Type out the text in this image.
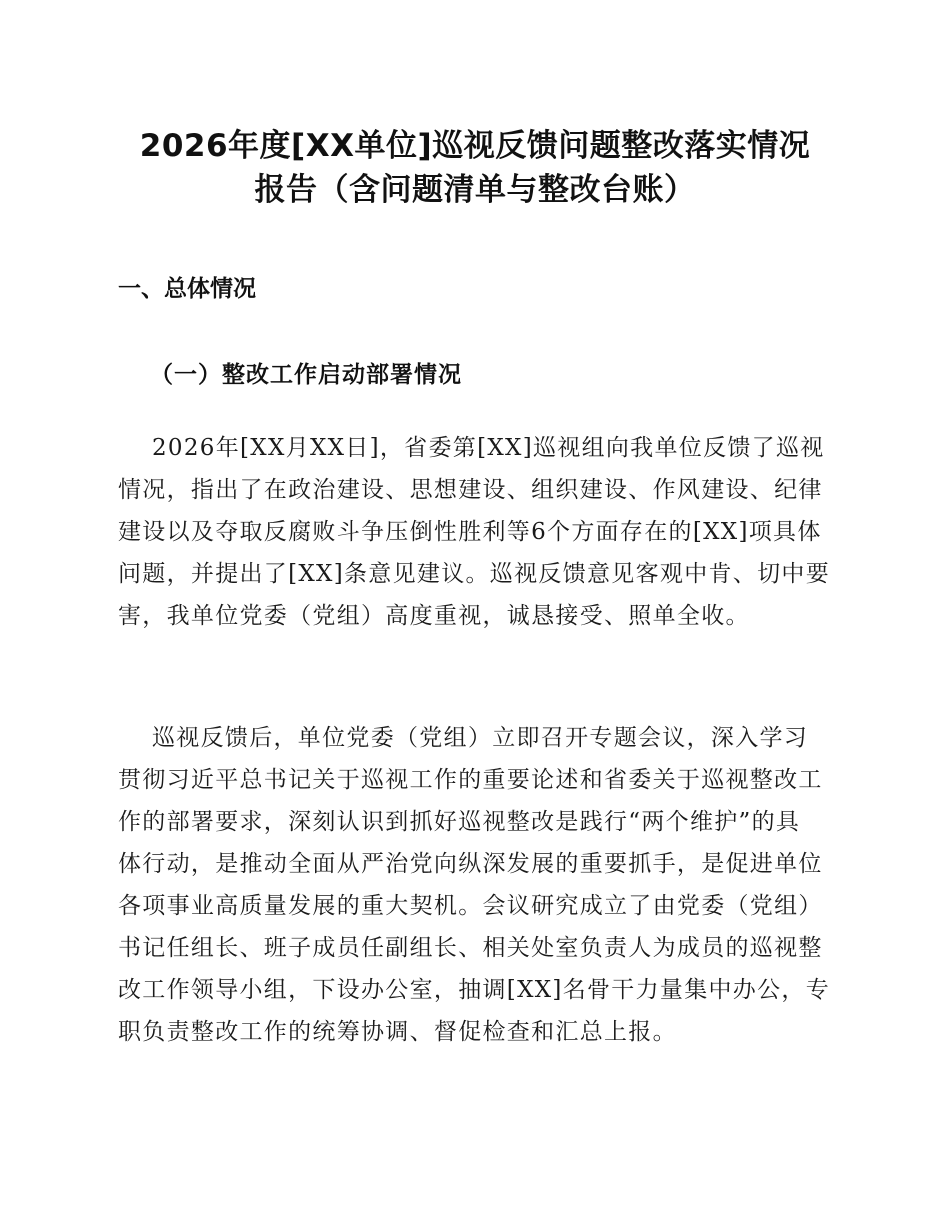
2026年度[XX单位]巡视反馈问题整改落实情况
报告（含问题清单与整改台账）
一、总体情况
（一）整改工作启动部署情况
2026年[XX月XX日]，省委第[XX]巡视组向我单位反馈了巡视
情况，指出了在政治建设、思想建设、组织建设、作风建设、纪律
建设以及夺取反腐败斗争压倒性胜利等6个方面存在的[XX]项具体
问题，并提出了[XX]条意见建议。巡视反馈意见客观中肯、切中要
害，我单位党委（党组）高度重视，诚恳接受、照单全收。
巡视反馈后，单位党委（党组）立即召开专题会议，深入学习
贯彻习近平总书记关于巡视工作的重要论述和省委关于巡视整改工
作的部署要求，深刻认识到抓好巡视整改是践行“两个维护”的具
体行动，是推动全面从严治党向纵深发展的重要抓手，是促进单位
各项事业高质量发展的重大契机。会议研究成立了由党委（党组）
书记任组长、班子成员任副组长、相关处室负责人为成员的巡视整
改工作领导小组，下设办公室，抽调[XX]名骨干力量集中办公，专
职负责整改工作的统筹协调、督促检查和汇总上报。
